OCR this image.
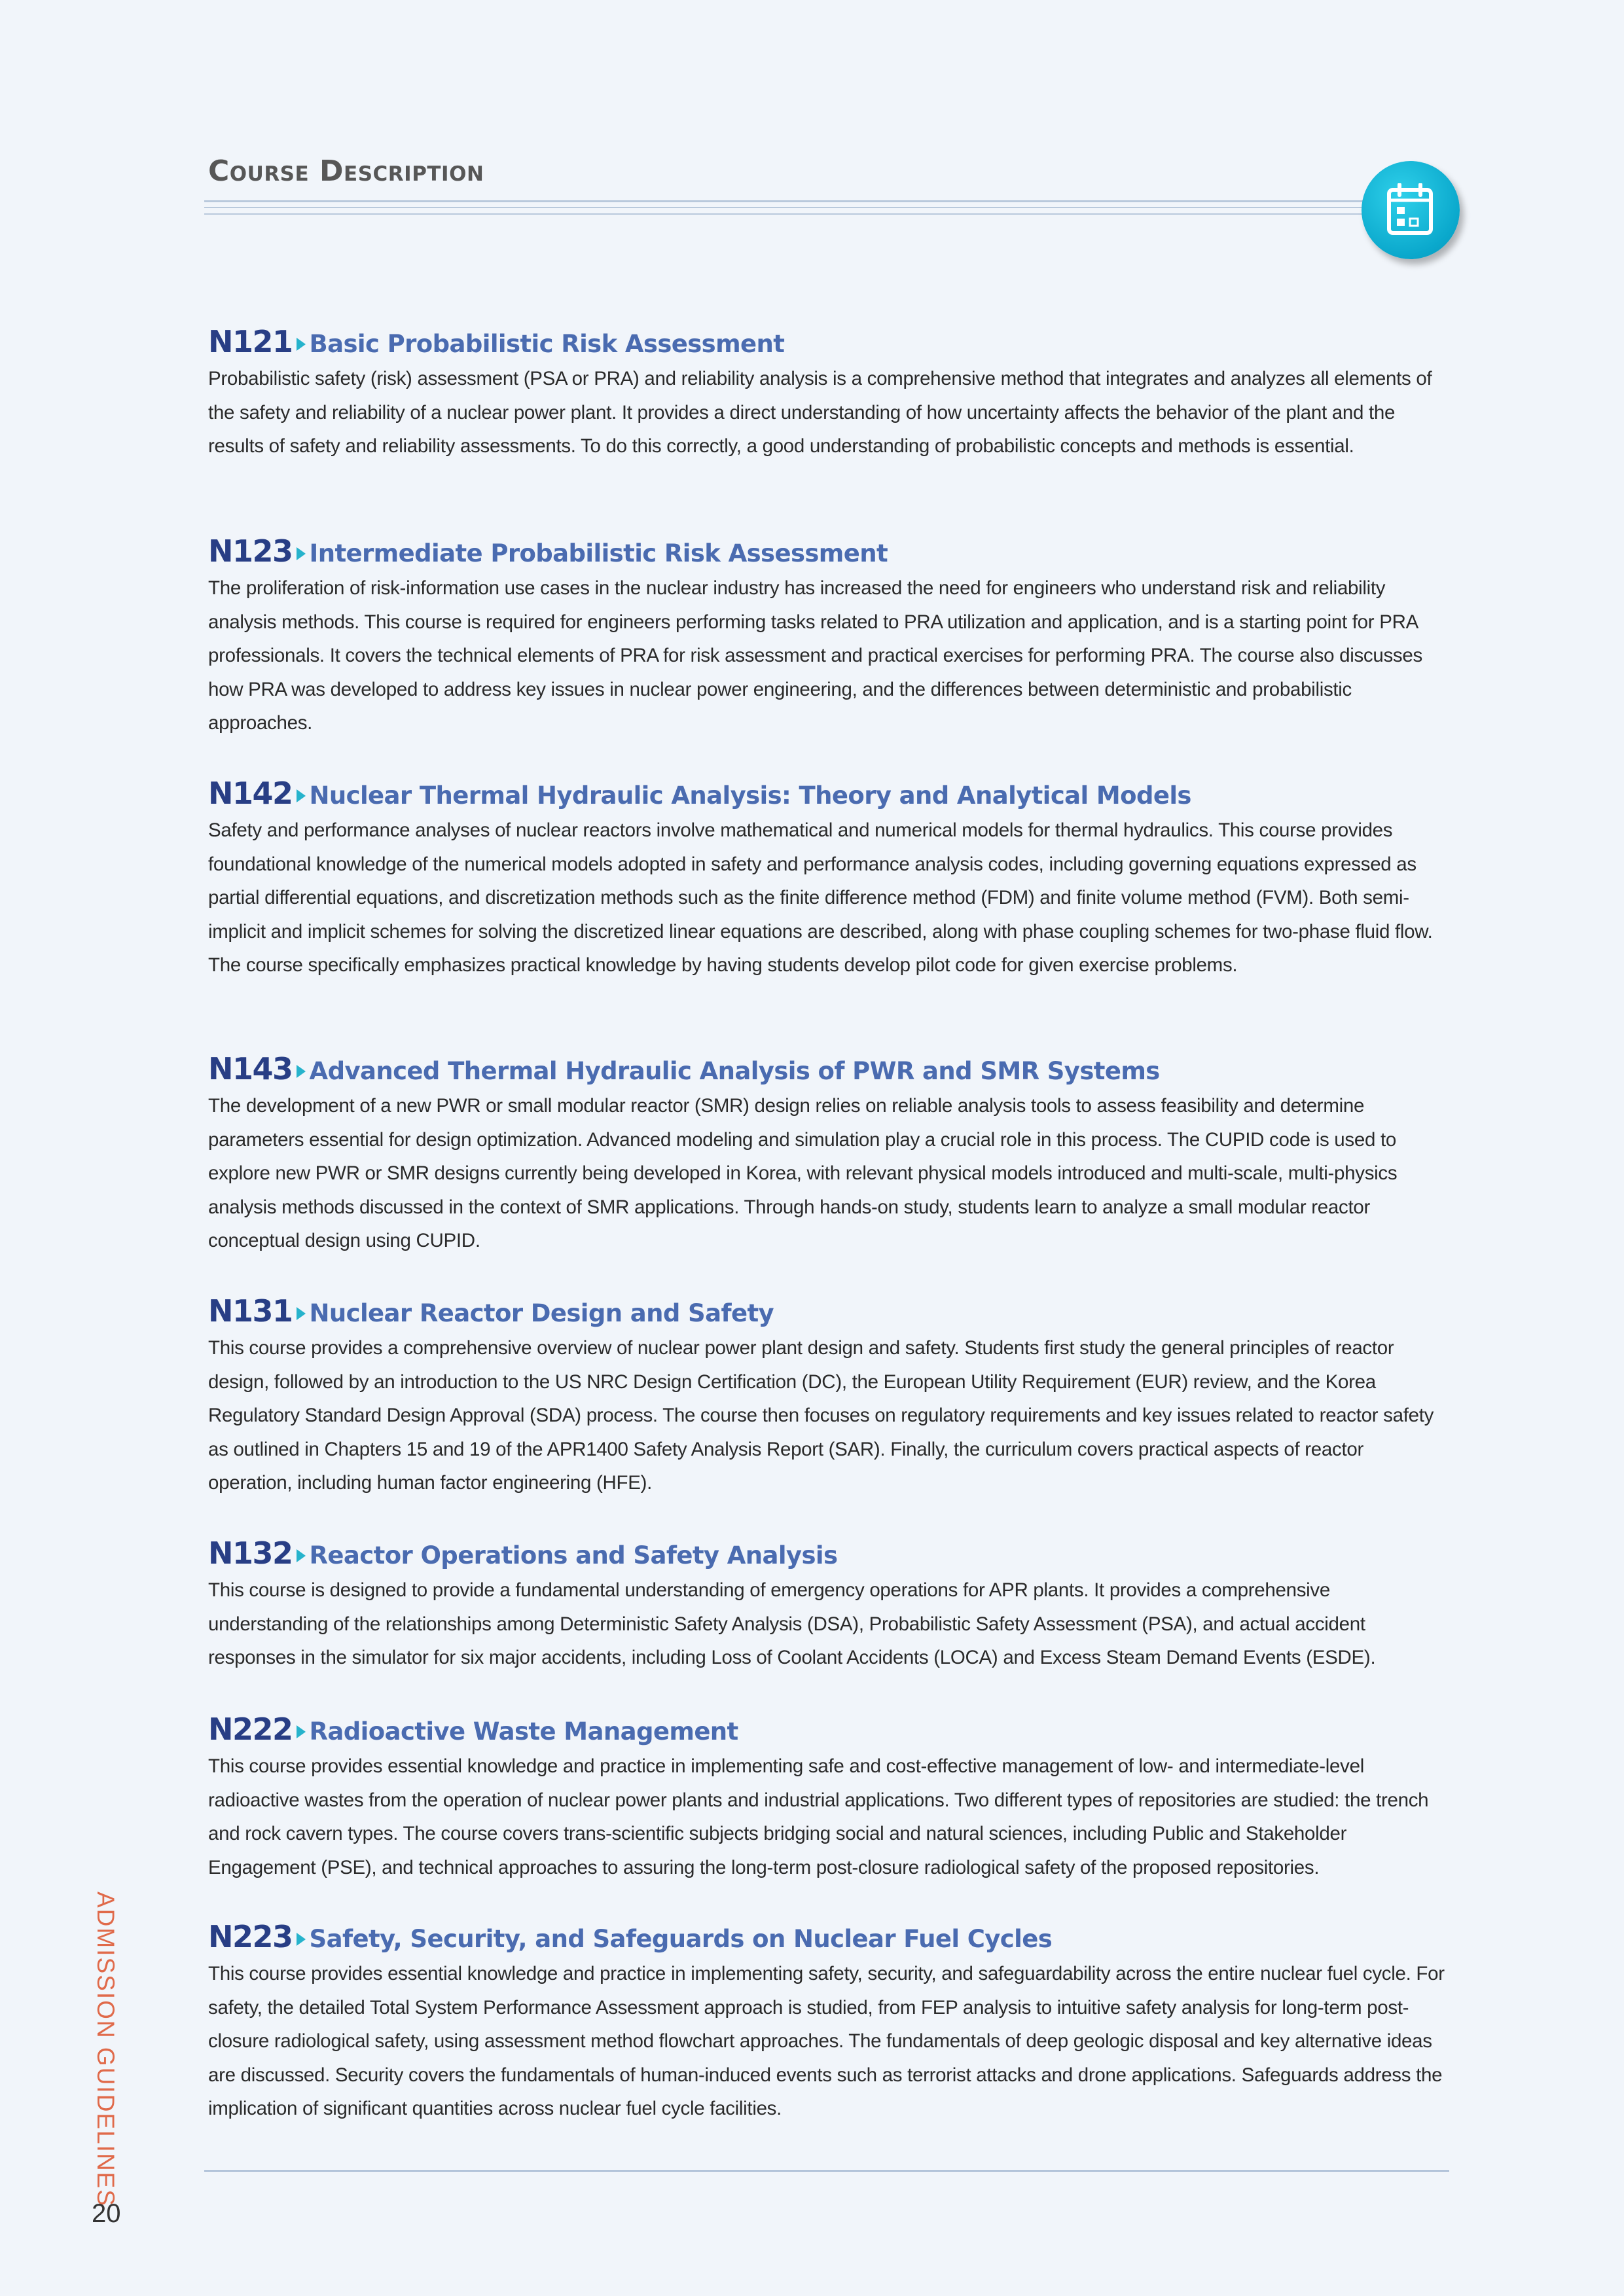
Course Description
N121 Basic Probabilistic Risk Assessment

Probabilistic safety (risk) assessment (PSA or PRA) and reliability analysis is a comprehensive method that integrates and analyzes all elements of the safety and reliability of a nuclear power plant. It provides a direct understanding of how uncertainty affects the behavior of the plant and the results of safety and reliability assessments. To do this correctly, a good understanding of probabilistic concepts and methods is essential.

N123 Intermediate Probabilistic Risk Assessment

The proliferation of risk-information use cases in the nuclear industry has increased the need for engineers who understand risk and reliability analysis methods. This course is required for engineers performing tasks related to PRA utilization and application, and is a starting point for PRA professionals. It covers the technical elements of PRA for risk assessment and practical exercises for performing PRA. The course also discusses how PRA was developed to address key issues in nuclear power engineering, and the differences between deterministic and probabilistic approaches.

N142 Nuclear Thermal Hydraulic Analysis: Theory and Analytical Models

Safety and performance analyses of nuclear reactors involve mathematical and numerical models for thermal hydraulics. This course provides foundational knowledge of the numerical models adopted in safety and performance analysis codes, including governing equations expressed as partial differential equations, and discretization methods such as the finite difference method (FDM) and finite volume method (FVM). Both semi-implicit and implicit schemes for solving the discretized linear equations are described, along with phase coupling schemes for two-phase fluid flow. The course specifically emphasizes practical knowledge by having students develop pilot code for given exercise problems.

N143 Advanced Thermal Hydraulic Analysis of PWR and SMR Systems

The development of a new PWR or small modular reactor (SMR) design relies on reliable analysis tools to assess feasibility and determine parameters essential for design optimization. Advanced modeling and simulation play a crucial role in this process. The CUPID code is used to explore new PWR or SMR designs currently being developed in Korea, with relevant physical models introduced and multi-scale, multi-physics analysis methods discussed in the context of SMR applications. Through hands-on study, students learn to analyze a small modular reactor conceptual design using CUPID.

N131 Nuclear Reactor Design and Safety

This course provides a comprehensive overview of nuclear power plant design and safety. Students first study the general principles of reactor design, followed by an introduction to the US NRC Design Certification (DC), the European Utility Requirement (EUR) review, and the Korea Regulatory Standard Design Approval (SDA) process. The course then focuses on regulatory requirements and key issues related to reactor safety as outlined in Chapters 15 and 19 of the APR1400 Safety Analysis Report (SAR). Finally, the curriculum covers practical aspects of reactor operation, including human factor engineering (HFE).

N132 Reactor Operations and Safety Analysis

This course is designed to provide a fundamental understanding of emergency operations for APR plants. It provides a comprehensive understanding of the relationships among Deterministic Safety Analysis (DSA), Probabilistic Safety Assessment (PSA), and actual accident responses in the simulator for six major accidents, including Loss of Coolant Accidents (LOCA) and Excess Steam Demand Events (ESDE).

N222 Radioactive Waste Management

This course provides essential knowledge and practice in implementing safe and cost-effective management of low- and intermediate-level radioactive wastes from the operation of nuclear power plants and industrial applications. Two different types of repositories are studied: the trench and rock cavern types. The course covers trans-scientific subjects bridging social and natural sciences, including Public and Stakeholder Engagement (PSE), and technical approaches to assuring the long-term post-closure radiological safety of the proposed repositories.

N223 Safety, Security, and Safeguards on Nuclear Fuel Cycles

This course provides essential knowledge and practice in implementing safety, security, and safeguardability across the entire nuclear fuel cycle. For safety, the detailed Total System Performance Assessment approach is studied, from FEP analysis to intuitive safety analysis for long-term post-closure radiological safety, using assessment method flowchart approaches. The fundamentals of deep geologic disposal and key alternative ideas are discussed. Security covers the fundamentals of human-induced events such as terrorist attacks and drone applications. Safeguards address the implication of significant quantities across nuclear fuel cycle facilities.

ADMISSION GUIDELINES
20
